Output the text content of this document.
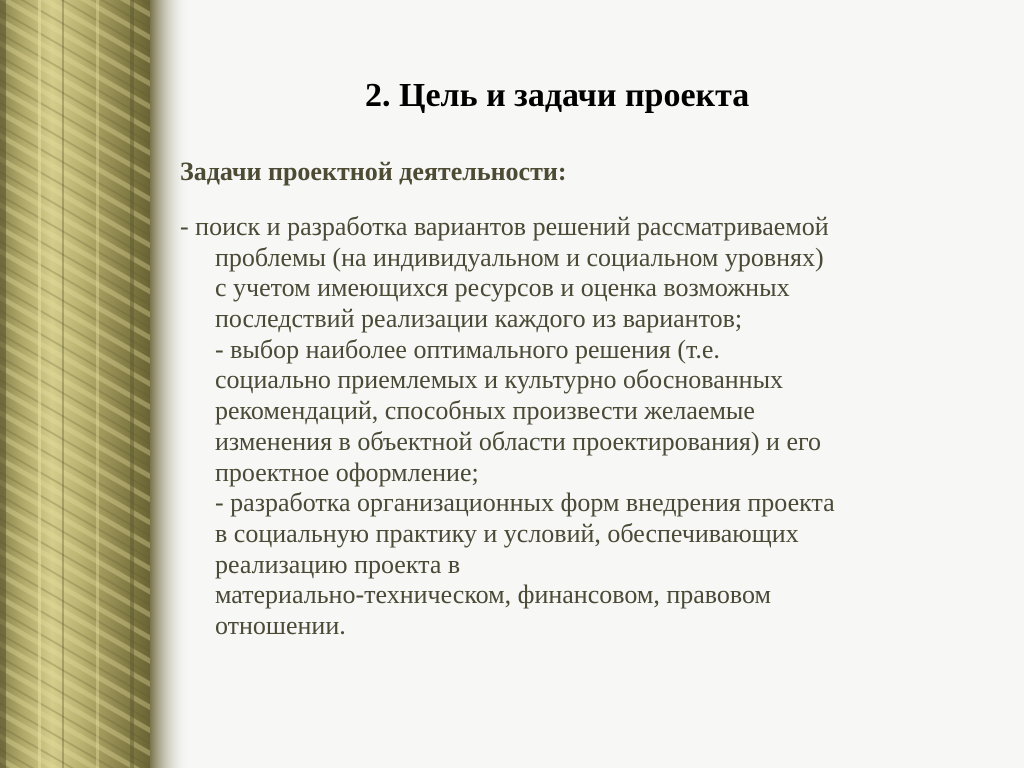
2. Цель и задачи проекта
Задачи проектной деятельности:
- поиск и разработка вариантов решений рассматриваемой
проблемы (на индивидуальном и социальном уровнях)
с учетом имеющихся ресурсов и оценка возможных
последствий реализации каждого из вариантов;
- выбор наиболее оптимального решения (т.е.
социально приемлемых и культурно обоснованных
рекомендаций, способных произвести желаемые
изменения в объектной области проектирования) и его
проектное оформление;
- разработка организационных форм внедрения проекта
в социальную практику и условий, обеспечивающих
реализацию проекта в
материально-техническом, финансовом, правовом
отношении.
